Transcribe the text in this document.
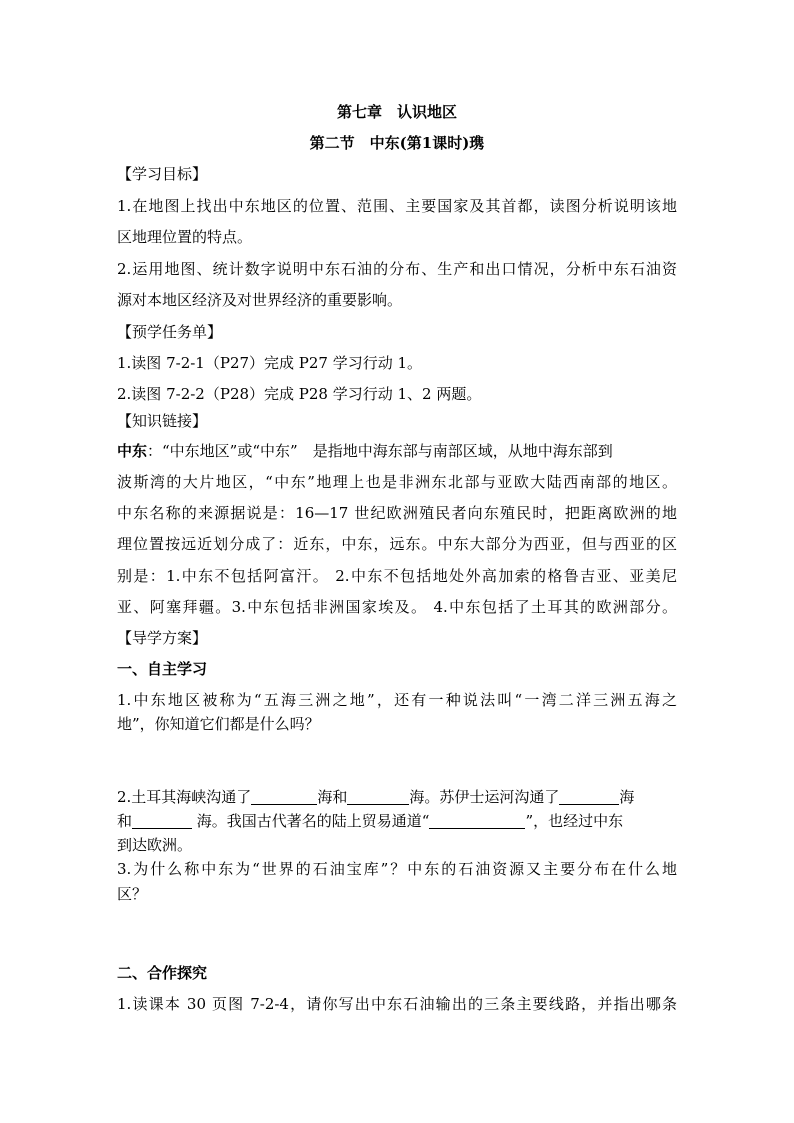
第七章　认识地区
第二节　中东(第1课时)㻪
【学习目标】
1.在地图上找出中东地区的位置、范围、主要国家及其首都，读图分析说明该地
区地理位置的特点。
2.运用地图、统计数字说明中东石油的分布、生产和出口情况，分析中东石油资
源对本地区经济及对世界经济的重要影响。
【预学任务单】
1.读图 7-2-1（P27）完成 P27 学习行动 1。
2.读图 7-2-2（P28）完成 P28 学习行动 1、2 两题。
【知识链接】
中东：“中东地区”或“中东”　是指地中海东部与南部区域，从地中海东部到
波斯湾的大片地区，“中东”地理上也是非洲东北部与亚欧大陆西南部的地区。
中东名称的来源据说是：16—17 世纪欧洲殖民者向东殖民时，把距离欧洲的地
理位置按远近划分成了：近东，中东，远东。中东大部分为西亚，但与西亚的区
别是：1.中东不包括阿富汗。 2.中东不包括地处外高加索的格鲁吉亚、亚美尼
亚、阿塞拜疆。3.中东包括非洲国家埃及。 4.中东包括了土耳其的欧洲部分。
【导学方案】
一、自主学习
1.中东地区被称为“五海三洲之地”，还有一种说法叫“一湾二洋三洲五海之
地”，你知道它们都是什么吗？
2.土耳其海峡沟通了	海和	海。苏伊士运河沟通了	海
和	海。我国古代著名的陆上贸易通道“	”，也经过中东
到达欧洲。
3.为什么称中东为“世界的石油宝库”？中东的石油资源又主要分布在什么地
区？
二、合作探究
1.读课本 30 页图 7-2-4，请你写出中东石油输出的三条主要线路，并指出哪条
